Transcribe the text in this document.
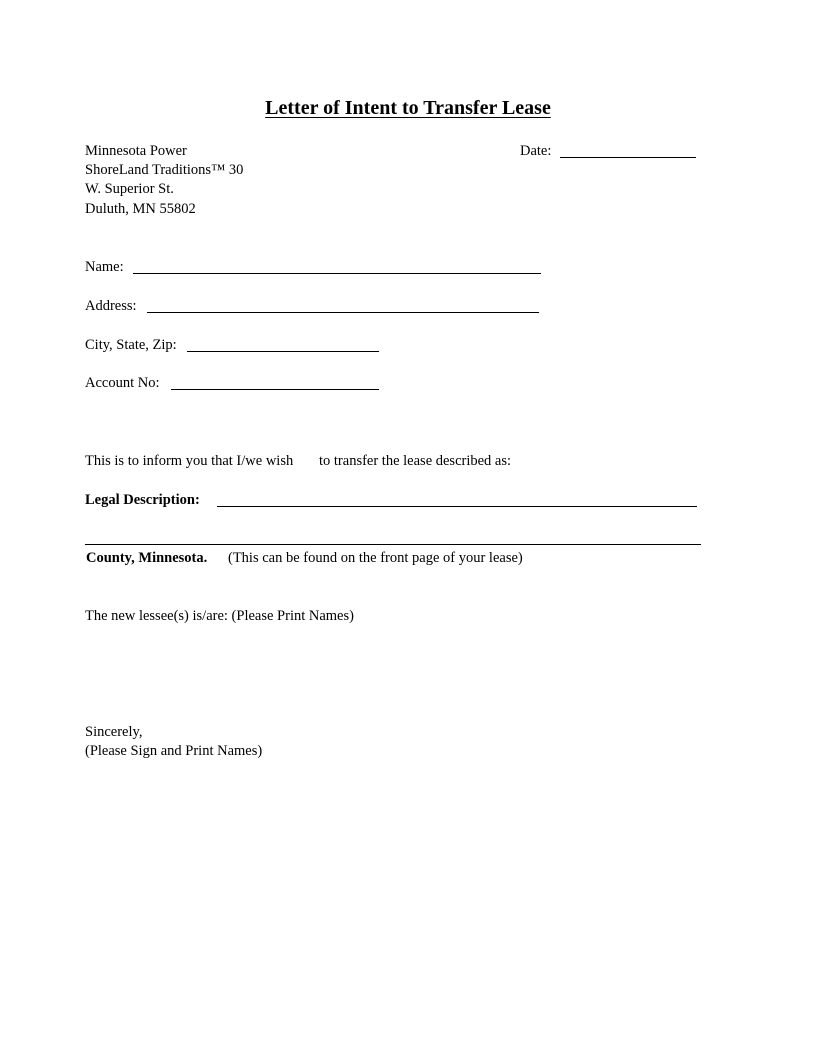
Letter of Intent to Transfer Lease
Minnesota Power
ShoreLand Traditions™ 30
W. Superior St.
Duluth, MN 55802
Date:
Name:
Address:
City, State, Zip:
Account No:
This is to inform you that I/we wish to transfer the lease described as:
Legal Description:
County, Minnesota. (This can be found on the front page of your lease)
The new lessee(s) is/are: (Please Print Names)
Sincerely,
(Please Sign and Print Names)
